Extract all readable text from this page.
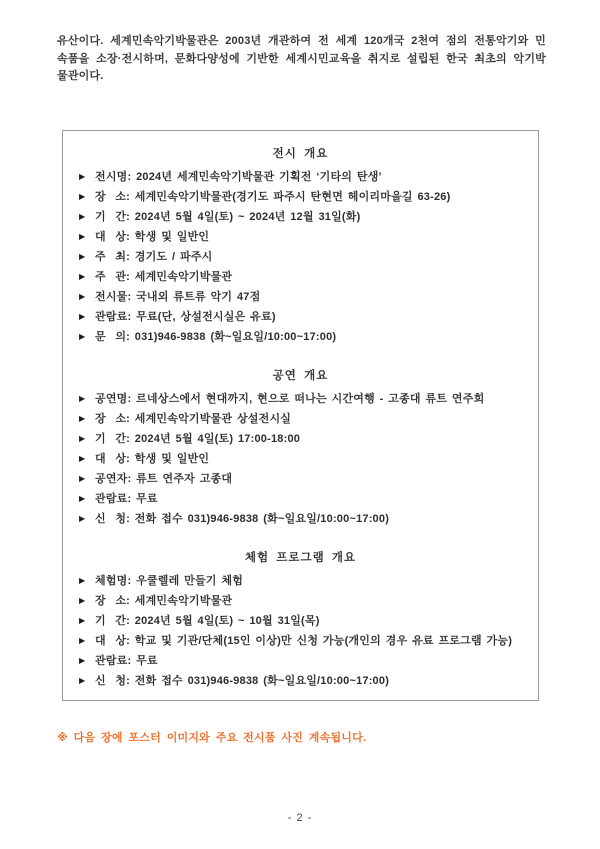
유산이다. 세계민속악기박물관은 2003년 개관하여 전 세계 120개국 2천여 점의 전통악기와 민속품을 소장·전시하며, 문화다양성에 기반한 세계시민교육을 취지로 설립된 한국 최초의 악기박물관이다.

전시 개요
▶ 전시명: 2024년 세계민속악기박물관 기획전 ‘기타의 탄생’
▶ 장  소: 세계민속악기박물관(경기도 파주시 탄현면 헤이리마을길 63-26)
▶ 기  간: 2024년 5월 4일(토) ~ 2024년 12월 31일(화)
▶ 대  상: 학생 및 일반인
▶ 주  최: 경기도 / 파주시
▶ 주  관: 세계민속악기박물관
▶ 전시물: 국내외 류트류 악기 47점
▶ 관람료: 무료(단, 상설전시실은 유료)
▶ 문  의: 031)946-9838 (화~일요일/10:00~17:00)
공연 개요
▶ 공연명: 르네상스에서 현대까지, 현으로 떠나는 시간여행 - 고종대 류트 연주회
▶ 장  소: 세계민속악기박물관 상설전시실
▶ 기  간: 2024년 5월 4일(토) 17:00-18:00
▶ 대  상: 학생 및 일반인
▶ 공연자: 류트 연주자 고종대
▶ 관람료: 무료
▶ 신  청: 전화 접수 031)946-9838 (화~일요일/10:00~17:00)
체험 프로그램 개요
▶ 체험명: 우쿨렐레 만들기 체험
▶ 장  소: 세계민속악기박물관
▶ 기  간: 2024년 5월 4일(토) ~ 10월 31일(목)
▶ 대  상: 학교 및 기관/단체(15인 이상)만 신청 가능(개인의 경우 유료 프로그램 가능)
▶ 관람료: 무료
▶ 신  청: 전화 접수 031)946-9838 (화~일요일/10:00~17:00)

※ 다음 장에 포스터 이미지와 주요 전시품 사진 계속됩니다.

- 2 -
